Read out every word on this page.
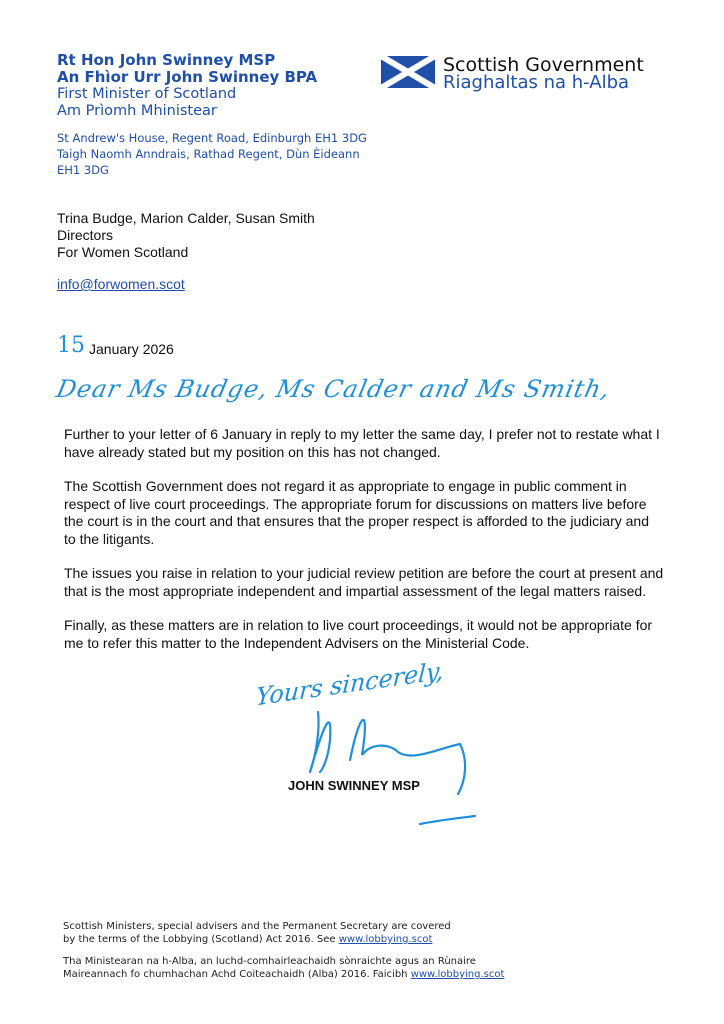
Rt Hon John Swinney MSP
An Fhìor Urr John Swinney BPA
First Minister of Scotland
Am Prìomh Mhinistear
St Andrew's House, Regent Road, Edinburgh EH1 3DG
Taigh Naomh Anndrais, Rathad Regent, Dùn Èideann
EH1 3DG
Scottish Government
Riaghaltas na h-Alba
Trina Budge, Marion Calder, Susan Smith
Directors
For Women Scotland
info@forwomen.scot
15 January 2026
Dear Ms Budge, Ms Calder and Ms Smith,

Further to your letter of 6 January in reply to my letter the same day, I prefer not to restate what I have already stated but my position on this has not changed.

The Scottish Government does not regard it as appropriate to engage in public comment in respect of live court proceedings. The appropriate forum for discussions on matters live before the court is in the court and that ensures that the proper respect is afforded to the judiciary and to the litigants.

The issues you raise in relation to your judicial review petition are before the court at present and that is the most appropriate independent and impartial assessment of the legal matters raised.

Finally, as these matters are in relation to live court proceedings, it would not be appropriate for me to refer this matter to the Independent Advisers on the Ministerial Code.

Yours sincerely,
JOHN SWINNEY MSP
Scottish Ministers, special advisers and the Permanent Secretary are covered
by the terms of the Lobbying (Scotland) Act 2016. See www.lobbying.scot
Tha Ministearan na h-Alba, an luchd-comhairleachaidh sònraichte agus an Rùnaire
Maireannach fo chumhachan Achd Coiteachaidh (Alba) 2016. Faicibh www.lobbying.scot
